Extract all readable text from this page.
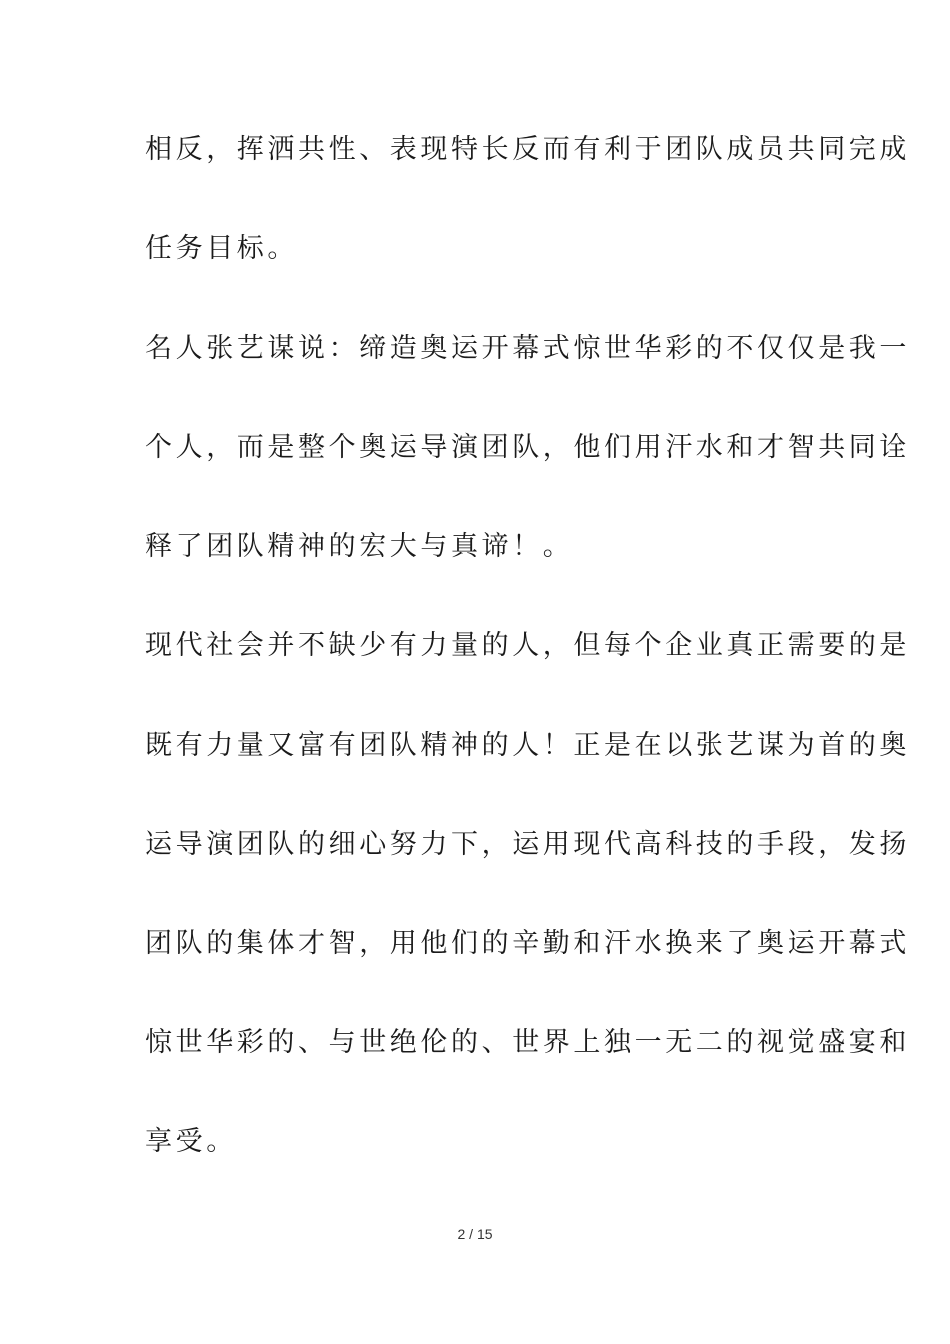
相反，挥洒共性、表现特长反而有利于团队成员共同完成
任务目标。
名人张艺谋说：缔造奥运开幕式惊世华彩的不仅仅是我一
个人，而是整个奥运导演团队，他们用汗水和才智共同诠
释了团队精神的宏大与真谛！。
现代社会并不缺少有力量的人，但每个企业真正需要的是
既有力量又富有团队精神的人！正是在以张艺谋为首的奥
运导演团队的细心努力下，运用现代高科技的手段，发扬
团队的集体才智，用他们的辛勤和汗水换来了奥运开幕式
惊世华彩的、与世绝伦的、世界上独一无二的视觉盛宴和
享受。
2 / 15
